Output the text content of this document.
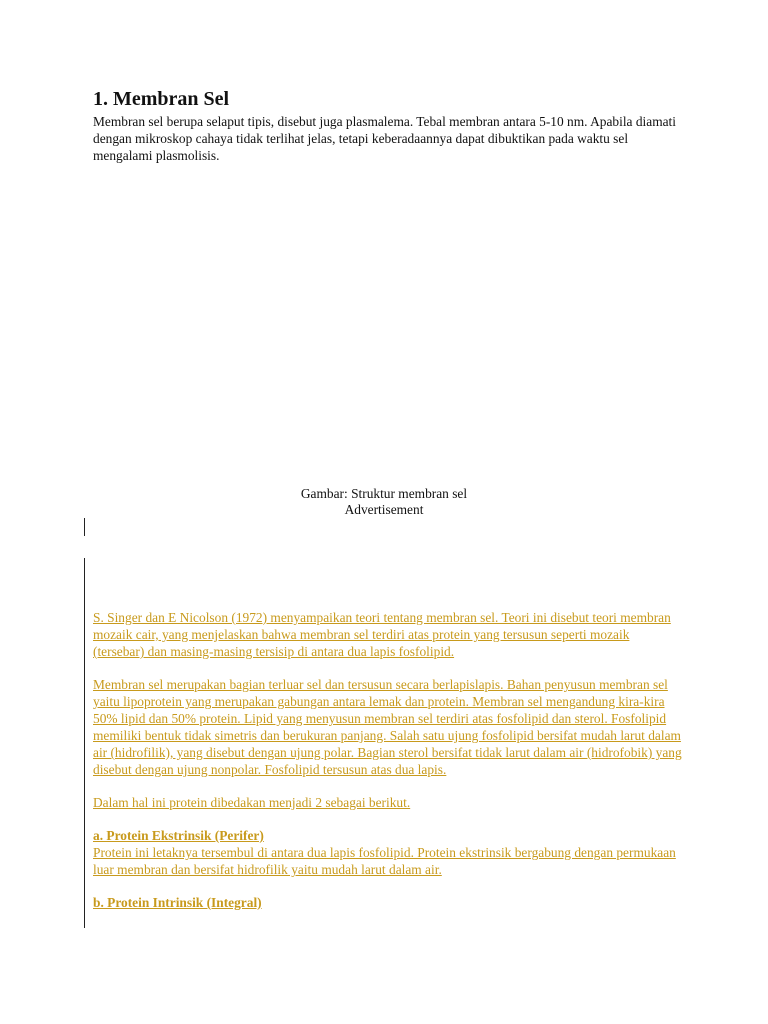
1. Membran Sel

Membran sel berupa selaput tipis, disebut juga plasmalema. Tebal membran antara 5-10 nm. Apabila diamati dengan mikroskop cahaya tidak terlihat jelas, tetapi keberadaannya dapat dibuktikan pada waktu sel mengalami plasmolisis.

Gambar: Struktur membran sel
Advertisement

S. Singer dan E Nicolson (1972) menyampaikan teori tentang membran sel. Teori ini disebut teori membran mozaik cair, yang menjelaskan bahwa membran sel terdiri atas protein yang tersusun seperti mozaik (tersebar) dan masing-masing tersisip di antara dua lapis fosfolipid.

Membran sel merupakan bagian terluar sel dan tersusun secara berlapislapis. Bahan penyusun membran sel yaitu lipoprotein yang merupakan gabungan antara lemak dan protein. Membran sel mengandung kira-kira 50% lipid dan 50% protein. Lipid yang menyusun membran sel terdiri atas fosfolipid dan sterol. Fosfolipid memiliki bentuk tidak simetris dan berukuran panjang. Salah satu ujung fosfolipid bersifat mudah larut dalam air (hidrofilik), yang disebut dengan ujung polar. Bagian sterol bersifat tidak larut dalam air (hidrofobik) yang disebut dengan ujung nonpolar. Fosfolipid tersusun atas dua lapis.

Dalam hal ini protein dibedakan menjadi 2 sebagai berikut.

a. Protein Ekstrinsik (Perifer)
Protein ini letaknya tersembul di antara dua lapis fosfolipid. Protein ekstrinsik bergabung dengan permukaan luar membran dan bersifat hidrofilik yaitu mudah larut dalam air.
b. Protein Intrinsik (Integral)
